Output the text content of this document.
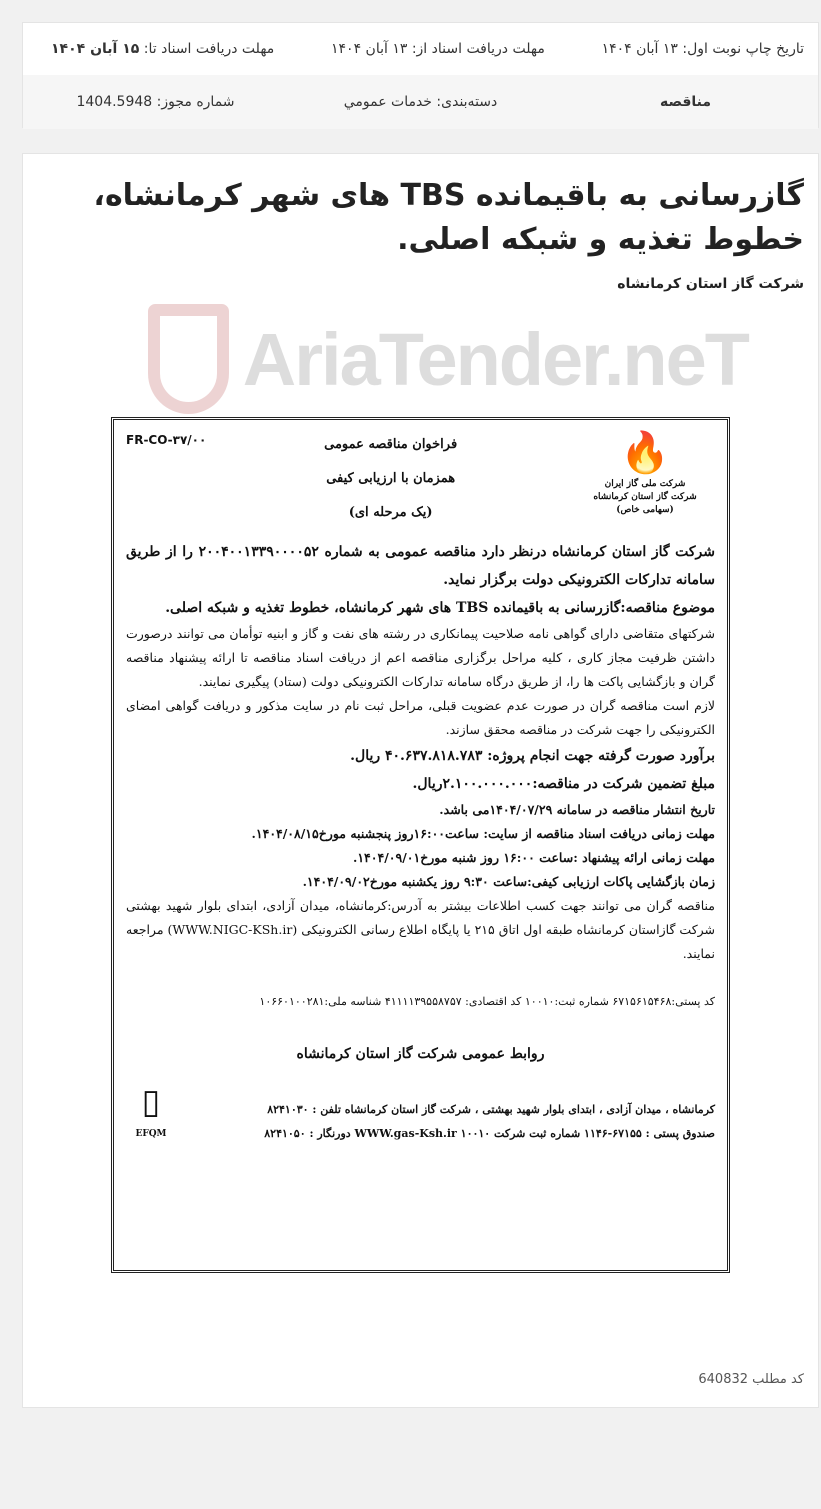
تاریخ چاپ نوبت اول: ۱۳ آبان ۱۴۰۴
مهلت دریافت اسناد از: ۱۳ آبان ۱۴۰۴
مهلت دریافت اسناد تا: ۱۵ آبان ۱۴۰۴
مناقصه
دسته‌بندی: خدمات عمومي
شماره مجوز: 1404.5948
گازرسانی به باقیمانده TBS های شهر کرمانشاه، خطوط تغذیه و شبکه اصلی.
شرکت گاز استان کرمانشاه
AriaTender.neT
🔥
شرکت ملی گاز ایران
شرکت گاز استان کرمانشاه
(سهامی خاص)
فراخوان مناقصه عمومی
همزمان با ارزیابی کیفی
(یک مرحله ای)
FR-CO-۳۷/۰۰

شرکت گاز استان کرمانشاه درنظر دارد مناقصه عمومی به شماره ۲۰۰۴۰۰۱۳۳۹۰۰۰۰۵۲ را از طریق سامانه تدارکات الکترونیکی دولت برگزار نماید.

موضوع مناقصه:گازرسانی به باقیمانده TBS های شهر کرمانشاه، خطوط تغذیه و شبکه اصلی.

شرکتهای متقاضی دارای گواهی نامه صلاحیت پیمانکاری در رشته های نفت و گاز و ابنیه توأمان می توانند درصورت داشتن ظرفیت مجاز کاری ، کلیه مراحل برگزاری مناقصه اعم از دریافت اسناد مناقصه تا ارائه پیشنهاد مناقصه گران و بازگشایی پاکت ها را، از طریق درگاه سامانه تدارکات الکترونیکی دولت (ستاد) پیگیری نمایند.

لازم است مناقصه گران در صورت عدم عضویت قبلی، مراحل ثبت نام در سایت مذکور و دریافت گواهی امضای الکترونیکی را جهت شرکت در مناقصه محقق سازند.

برآورد صورت گرفته جهت انجام پروژه: ۴۰.۶۳۷.۸۱۸.۷۸۳ ریال.

مبلغ تضمین شرکت در مناقصه:۲.۱۰۰.۰۰۰.۰۰۰ریال.

تاریخ انتشار مناقصه در سامانه ۱۴۰۴/۰۷/۲۹می باشد.

مهلت زمانی دریافت اسناد مناقصه از سایت: ساعت۱۶:۰۰روز پنجشنبه مورخ۱۴۰۴/۰۸/۱۵.

مهلت زمانی ارائه پیشنهاد :ساعت ۱۶:۰۰ روز شنبه مورخ۱۴۰۴/۰۹/۰۱.

زمان بازگشایی پاکات ارزیابی کیفی:ساعت ۹:۳۰ روز یکشنبه مورخ۱۴۰۴/۰۹/۰۲.

مناقصه گران می توانند جهت کسب اطلاعات بیشتر به آدرس:کرمانشاه، میدان آزادی، ابتدای بلوار شهید بهشتی شرکت گازاستان کرمانشاه طبقه اول اتاق ۲۱۵ یا پایگاه اطلاع رسانی الکترونیکی (WWW.NIGC-KSh.ir) مراجعه نمایند.

کد پستی:۶۷۱۵۶۱۵۴۶۸ شماره ثبت:۱۰۰۱۰ کد اقتصادی: ۴۱۱۱۱۳۹۵۵۸۷۵۷ شناسه ملی:۱۰۶۶۰۱۰۰۲۸۱
روابط عمومی شرکت گاز استان کرمانشاه
کرمانشاه ، میدان آزادی ، ابتدای بلوار شهید بهشتی ، شرکت گاز استان کرمانشاه تلفن : ۸۲۴۱۰۳۰
صندوق پستی : ۶۷۱۵۵-۱۱۴۶ شماره ثبت شرکت ۱۰۰۱۰ WWW.gas-Ksh.ir دورنگار : ۸۲۴۱۰۵۰
▯
EFQM
کد مطلب 640832
